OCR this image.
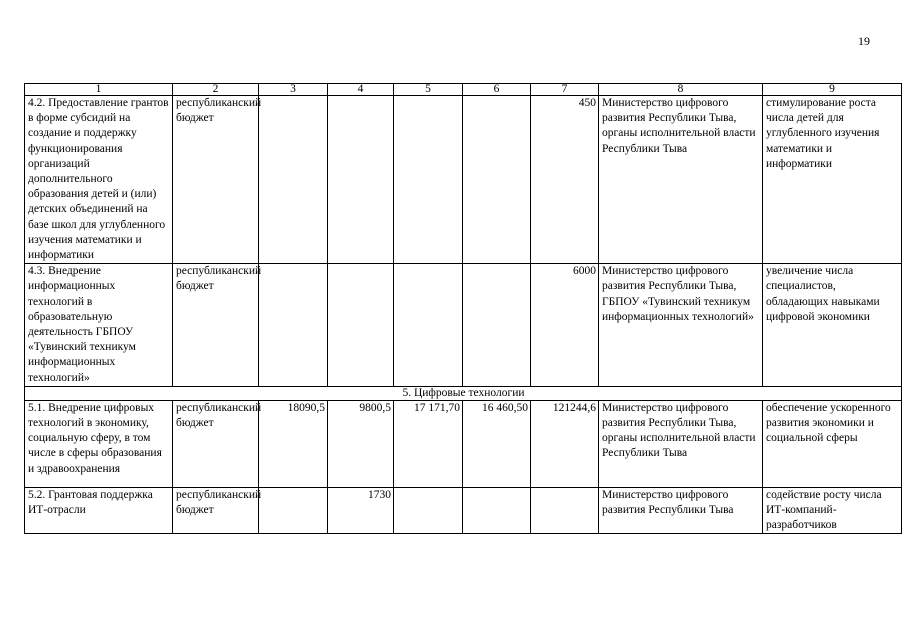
19
1	2	3	4	5	6	7	8	9
4.2. Предоставление грантов в форме субсидий на создание и поддержку функционирования организаций дополнительного образования детей и (или) детских объединений на базе школ для углубленного изучения математики и информатики	республиканский бюджет					450	Министерство цифрового развития Республики Тыва, органы исполнительной власти Республики Тыва	стимулирование роста числа детей для углубленного изучения математики и информатики
4.3. Внедрение информационных технологий в образовательную деятельность ГБПОУ «Тувинский техникум информационных технологий»	республиканский бюджет					6000	Министерство цифрового развития Республики Тыва, ГБПОУ «Тувинский техникум информационных технологий»	увеличение числа специалистов, обладающих навыками цифровой экономики
5. Цифровые технологии								
5.1. Внедрение цифровых технологий в экономику, социальную сферу, в том числе в сферы образования и здравоохранения	республиканский бюджет	18090,5	9800,5	17 171,70	16 460,50	121244,6	Министерство цифрового развития Республики Тыва, органы исполнительной власти Республики Тыва	обеспечение ускоренного развития экономики и социальной сферы
5.2. Грантовая поддержка ИТ-отрасли	республиканский бюджет		1730				Министерство цифрового развития Республики Тыва	содействие росту числа ИТ-компаний-разработчиков
